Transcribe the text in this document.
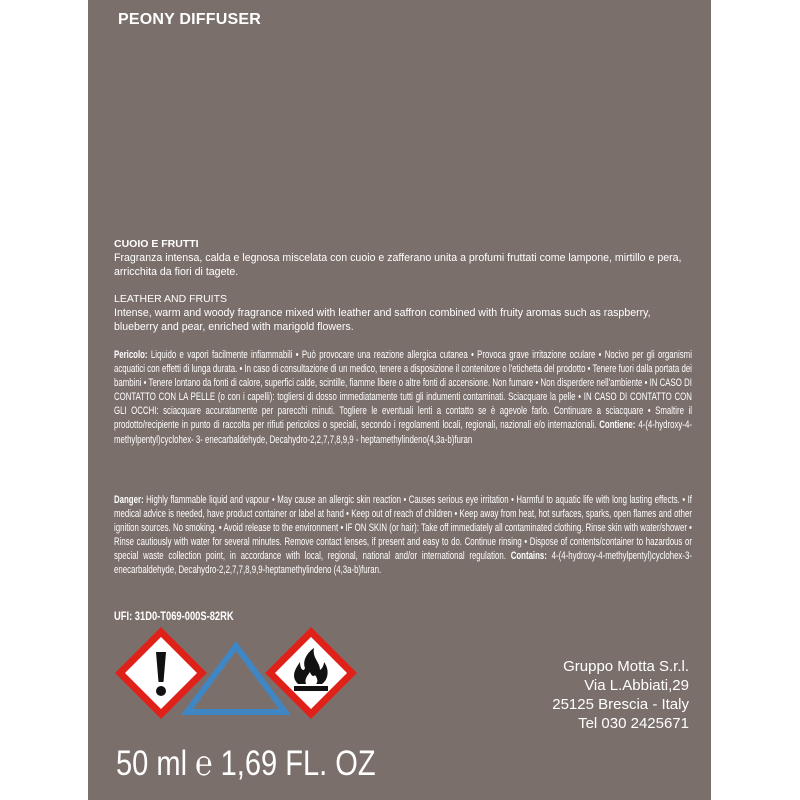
PEONY DIFFUSER
CUOIO E FRUTTI
Fragranza intensa, calda e legnosa miscelata con cuoio e zafferano unita a profumi fruttati come lampone, mirtillo e pera, arricchita da fiori di tagete.
LEATHER AND FRUITS
Intense, warm and woody fragrance mixed with leather and saffron combined with fruity aromas such as raspberry, blueberry and pear, enriched with marigold flowers.
Pericolo: Liquido e vapori facilmente infiammabili • Può provocare una reazione allergica cutanea • Provoca grave irritazione oculare • Nocivo per gli organismi acquatici con effetti di lunga durata. • In caso di consultazione di un medico, tenere a disposizione il contenitore o l'etichetta del prodotto • Tenere fuori dalla portata dei bambini • Tenere lontano da fonti di calore, superfici calde, scintille, fiamme libere o altre fonti di accensione. Non fumare • Non disperdere nell'ambiente • IN CASO DI CONTATTO CON LA PELLE (o con i capelli): togliersi di dosso immediatamente tutti gli indumenti contaminati. Sciacquare la pelle • IN CASO DI CONTATTO CON GLI OCCHI: sciacquare accuratamente per parecchi minuti. Togliere le eventuali lenti a contatto se è agevole farlo. Continuare a sciacquare • Smaltire il prodotto/recipiente in punto di raccolta per rifiuti pericolosi o speciali, secondo i regolamenti locali, regionali, nazionali e/o internazionali. Contiene: 4-(4-hydroxy-4-methylpentyl)cyclohex- 3- enecarbaldehyde, Decahydro-2,2,7,7,8,9,9 - heptamethylindeno(4,3a-b)furan
Danger: Highly flammable liquid and vapour • May cause an allergic skin reaction • Causes serious eye irritation • Harmful to aquatic life with long lasting effects. • If medical advice is needed, have product container or label at hand • Keep out of reach of children • Keep away from heat, hot surfaces, sparks, open flames and other ignition sources. No smoking. • Avoid release to the environment • IF ON SKIN (or hair): Take off immediately all contaminated clothing. Rinse skin with water/shower • Rinse cautiously with water for several minutes. Remove contact lenses, if present and easy to do. Continue rinsing • Dispose of contents/container to hazardous or special waste collection point, in accordance with local, regional, national and/or international regulation. Contains: 4-(4-hydroxy-4-methylpentyl)cyclohex-3-enecarbaldehyde, Decahydro-2,2,7,7,8,9,9-heptamethylindeno (4,3a-b)furan.
UFI: 31D0-T069-000S-82RK
Gruppo Motta S.r.l.
Via L.Abbiati,29
25125 Brescia - Italy
Tel 030 2425671
50 ml ℮ 1,69 FL. OZ
